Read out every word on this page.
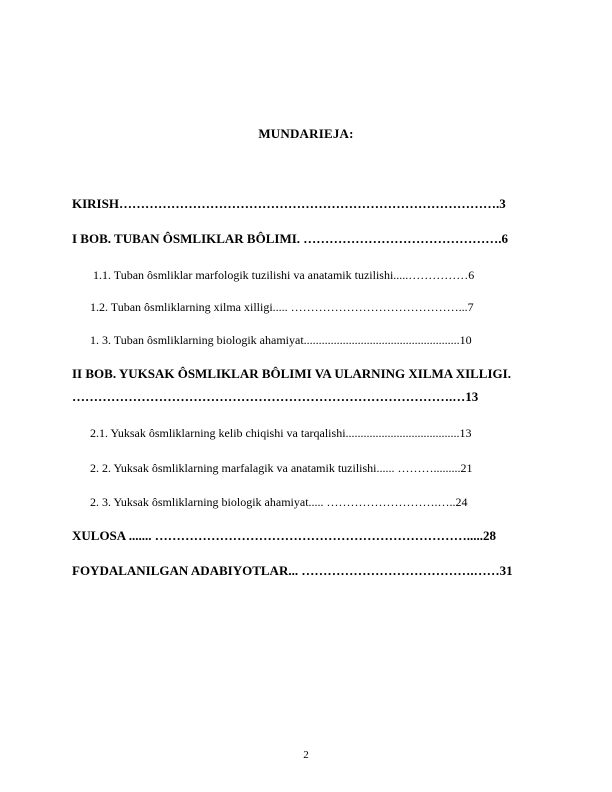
MUNDARIEJA:
KIRISH…………………………………………………………………………….3
I BOB. TUBAN ÔSMLIKLAR BÔLIMI. ……………………………………….6
1.1. Tuban ôsmliklar marfologik tuzilishi va anatamik tuzilishi.....……………6
1.2. Tuban ôsmliklarning xilma xilligi..... ……………………………………...7
1. 3. Tuban ôsmliklarning biologik ahamiyat....................................................10
II BOB. YUKSAK ÔSMLIKLAR BÔLIMI VA ULARNING XILMA XILLIGI.
…………………………………………………………………………….…13
2.1. Yuksak ôsmliklarning kelib chiqishi va tarqalishi......................................13
2. 2. Yuksak ôsmliklarning marfalagik va anatamik tuzilishi...... ……….........21
2. 3. Yuksak ôsmliklarning biologik ahamiyat..... ……………………….…..24
XULOSA ....... ……………………………………………………………….....28
FOYDALANILGAN ADABIYOTLAR... ………………………………….……31
2
